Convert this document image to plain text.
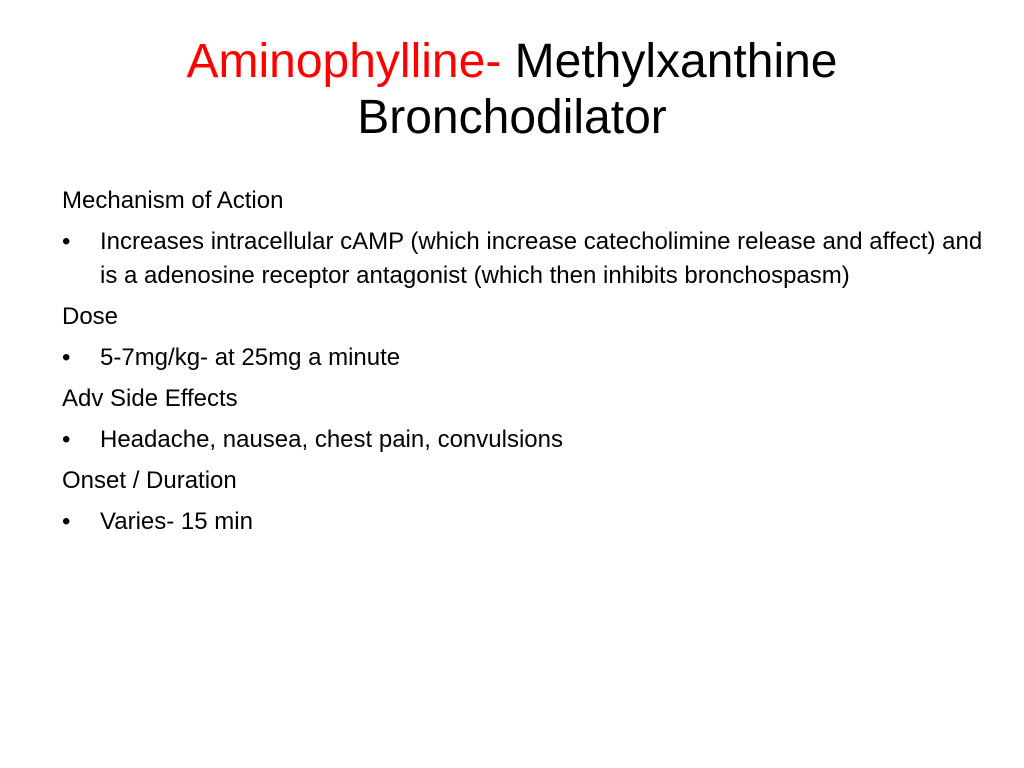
Aminophylline- Methylxanthine
Bronchodilator
Mechanism of Action
• Increases intracellular cAMP (which increase catecholimine release and affect) and is a adenosine receptor antagonist (which then inhibits bronchospasm)
Dose
• 5-7mg/kg- at 25mg a minute
Adv Side Effects
• Headache, nausea, chest pain, convulsions
Onset / Duration
• Varies- 15 min
